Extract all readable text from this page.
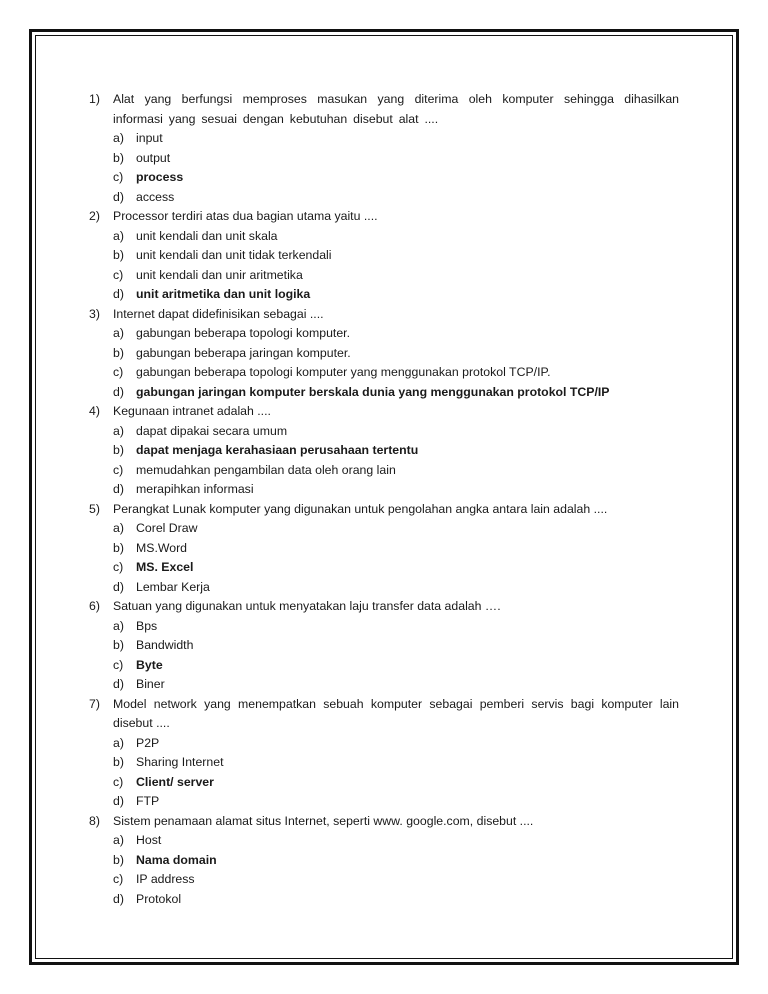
1)	Alat yang berfungsi memproses masukan yang diterima oleh komputer sehingga dihasilkan informasi yang sesuai dengan kebutuhan disebut alat ....
a) input
b) output
c) process
d) access
2)	Processor terdiri atas dua bagian utama yaitu ....
a) unit kendali dan unit skala
b) unit kendali dan unit tidak terkendali
c) unit kendali dan unir aritmetika
d) unit aritmetika dan unit logika
3)	Internet dapat didefinisikan sebagai ....
a) gabungan beberapa topologi komputer.
b) gabungan beberapa jaringan komputer.
c) gabungan beberapa topologi komputer yang menggunakan protokol TCP/IP.
d) gabungan jaringan komputer berskala dunia yang menggunakan protokol TCP/IP
4)	Kegunaan intranet adalah ....
a) dapat dipakai secara umum
b) dapat menjaga kerahasiaan perusahaan tertentu
c) memudahkan pengambilan data oleh orang lain
d) merapihkan informasi
5)	Perangkat Lunak komputer yang digunakan untuk pengolahan angka antara lain adalah ....
a) Corel Draw
b) MS.Word
c) MS. Excel
d) Lembar Kerja
6)	Satuan yang digunakan untuk menyatakan laju transfer data adalah ….
a) Bps
b) Bandwidth
c) Byte
d) Biner
7)	Model network yang menempatkan sebuah komputer sebagai pemberi servis bagi komputer lain disebut ....
a) P2P
b) Sharing Internet
c) Client/ server
d) FTP
8)	Sistem penamaan alamat situs Internet, seperti www. google.com, disebut ....
a) Host
b) Nama domain
c) IP address
d) Protokol
